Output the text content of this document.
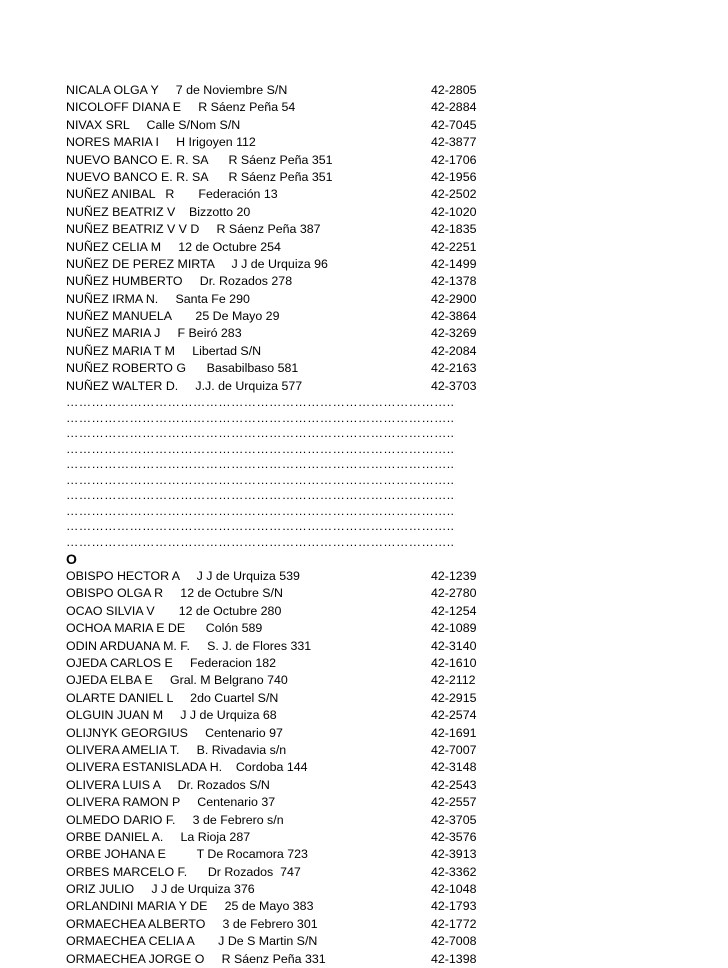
NICALA OLGA Y     7 de Noviembre S/N	42-2805
NICOLOFF DIANA E     R Sáenz Peña 54	42-2884
NIVAX SRL     Calle S/Nom S/N	42-7045
NORES MARIA I     H Irigoyen 112	42-3877
NUEVO BANCO E. R. SA      R Sáenz Peña 351	42-1706
NUEVO BANCO E. R. SA      R Sáenz Peña 351	42-1956
NUÑEZ ANIBAL   R       Federación 13	42-2502
NUÑEZ BEATRIZ V    Bizzotto 20	42-1020
NUÑEZ BEATRIZ V V D     R Sáenz Peña 387	42-1835
NUÑEZ CELIA M     12 de Octubre 254	42-2251
NUÑEZ DE PEREZ MIRTA     J J de Urquiza 96	42-1499
NUÑEZ HUMBERTO     Dr. Rozados 278	42-1378
NUÑEZ IRMA N.     Santa Fe 290	42-2900
NUÑEZ MANUELA       25 De Mayo 29	42-3864
NUÑEZ MARIA J     F Beiró 283	42-3269
NUÑEZ MARIA T M     Libertad S/N	42-2084
NUÑEZ ROBERTO G      Basabilbaso 581	42-2163
NUÑEZ WALTER D.     J.J. de Urquiza 577	42-3703
………………………………………………………………………………..
………………………………………………………………………………..
………………………………………………………………………………..
………………………………………………………………………………..
………………………………………………………………………………..
………………………………………………………………………………..
………………………………………………………………………………..
………………………………………………………………………………..
………………………………………………………………………………..
………………………………………………………………………………..
O
OBISPO HECTOR A     J J de Urquiza 539	42-1239
OBISPO OLGA R     12 de Octubre S/N	42-2780
OCAO SILVIA V       12 de Octubre 280	42-1254
OCHOA MARIA E DE      Colón 589	42-1089
ODIN ARDUANA M. F.     S. J. de Flores 331	42-3140
OJEDA CARLOS E     Federacion 182	42-1610
OJEDA ELBA E     Gral. M Belgrano 740	42-2112
OLARTE DANIEL L     2do Cuartel S/N	42-2915
OLGUIN JUAN M     J J de Urquiza 68	42-2574
OLIJNYK GEORGIUS     Centenario 97	42-1691
OLIVERA AMELIA T.     B. Rivadavia s/n	42-7007
OLIVERA ESTANISLADA H.    Cordoba 144	42-3148
OLIVERA LUIS A     Dr. Rozados S/N	42-2543
OLIVERA RAMON P     Centenario 37	42-2557
OLMEDO DARIO F.     3 de Febrero s/n	42-3705
ORBE DANIEL A.     La Rioja 287	42-3576
ORBE JOHANA E         T De Rocamora 723	42-3913
ORBES MARCELO F.      Dr Rozados  747	42-3362
ORIZ JULIO     J J de Urquiza 376	42-1048
ORLANDINI MARIA Y DE     25 de Mayo 383	42-1793
ORMAECHEA ALBERTO     3 de Febrero 301	42-1772
ORMAECHEA CELIA A       J De S Martin S/N	42-7008
ORMAECHEA JORGE O     R Sáenz Peña 331	42-1398
